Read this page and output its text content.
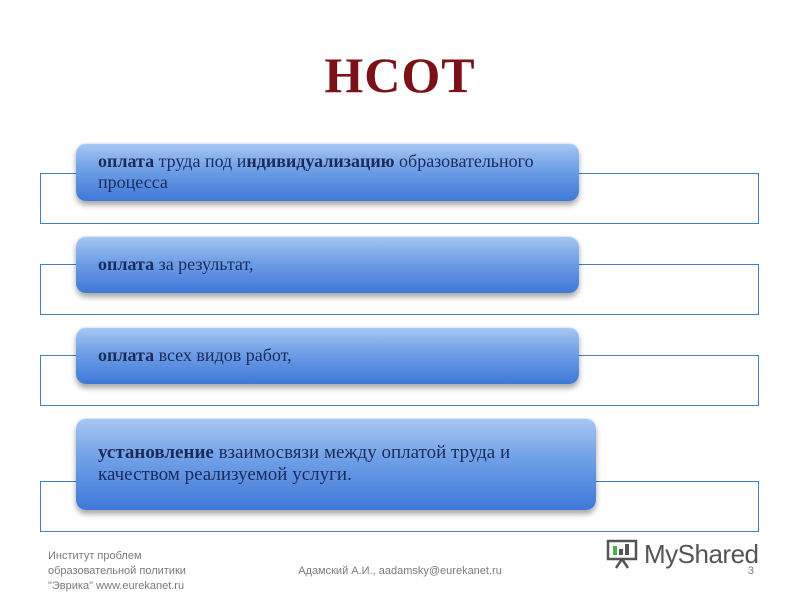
НСОТ
оплата труда под индивидуализацию образовательного процесса
оплата за результат,
оплата всех видов работ,
установление взаимосвязи между оплатой труда и качеством реализуемой услуги.
Институт проблем
образовательной политики
"Эврика" www.eurekanet.ru
Адамский А.И., aadamsky@eurekanet.ru	3
MyShared
